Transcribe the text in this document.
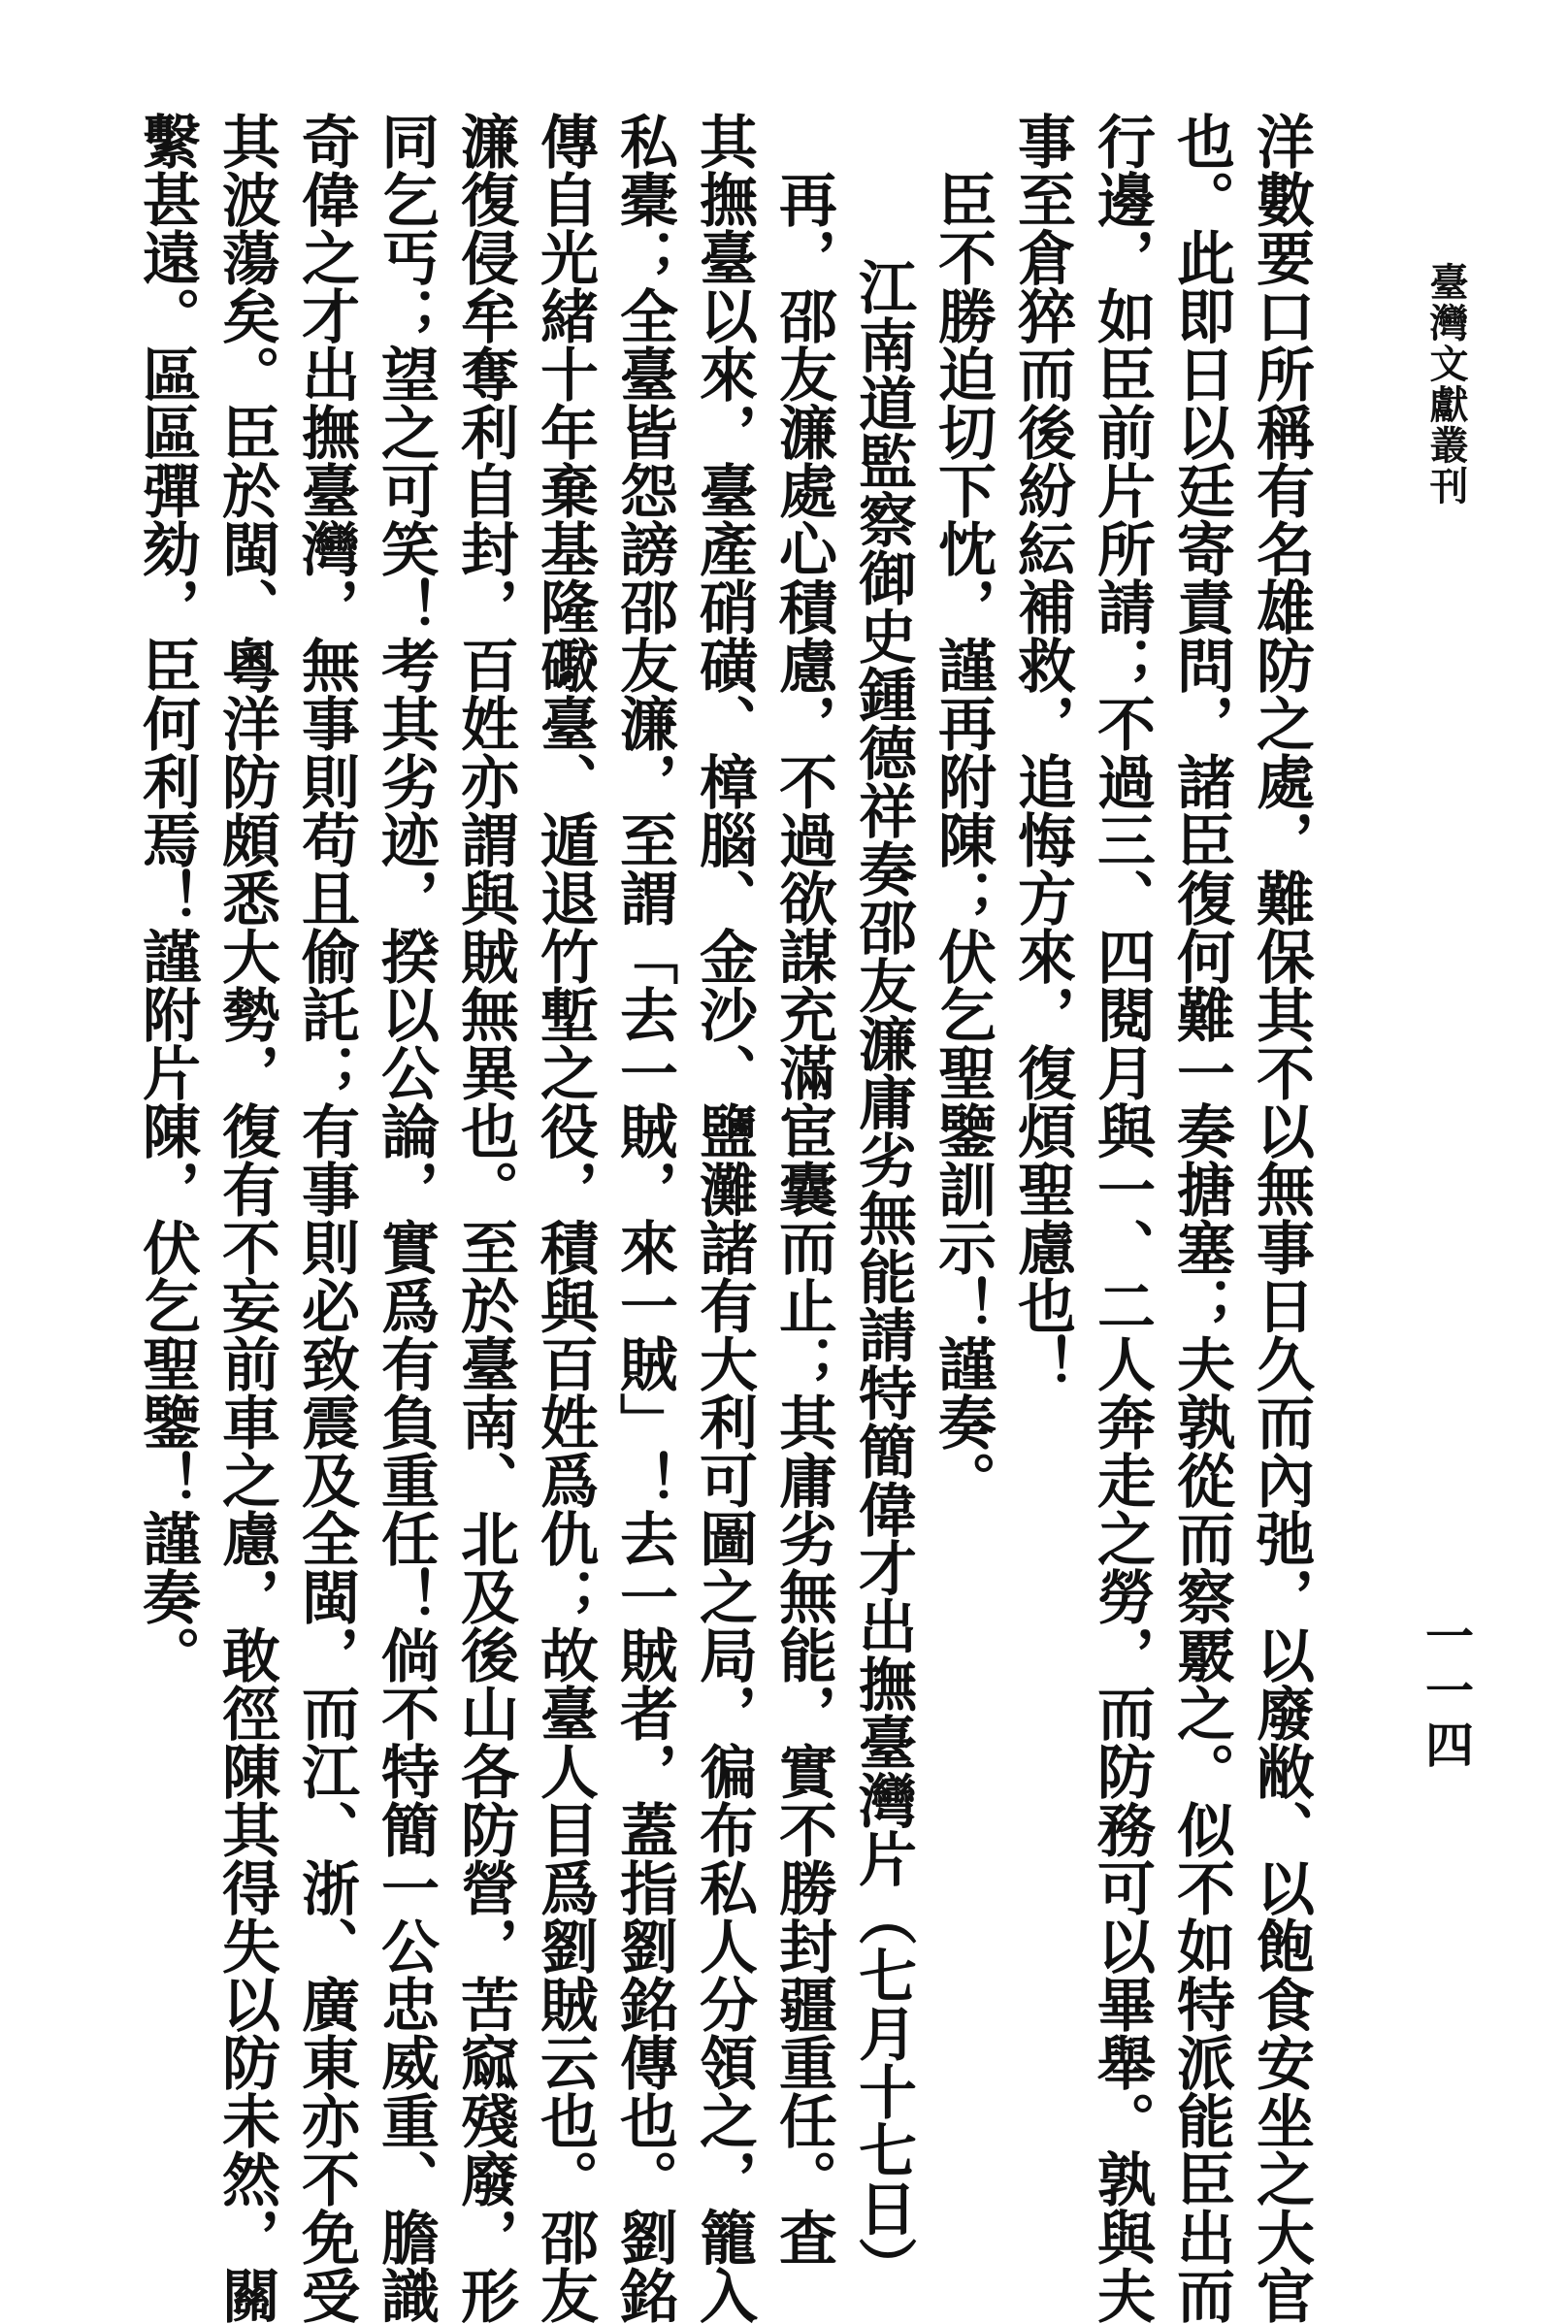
臺灣文獻叢刊
一一四

洋數要口所稱有名雄防之處，難保其不以無事日久而內弛，以廢敝、以飽食安坐之大官

也。此即日以廷寄責問，諸臣復何難一奏搪塞；夫孰從而察覈之。似不如特派能臣出而

行邊，如臣前片所請；不過三、四閱月與一、二人奔走之勞，而防務可以畢舉。孰與夫

事至倉猝而後紛紜補救，追悔方來，復煩聖慮也！

臣不勝迫切下忱，謹再附陳；伏乞聖鑒訓示！謹奏。

江南道監察御史鍾德祥奏邵友濂庸劣無能請特簡偉才出撫臺灣片（七月十七日）

再，邵友濂處心積慮，不過欲謀充滿宦囊而止；其庸劣無能，實不勝封疆重任。査

其撫臺以來，臺產硝磺、樟腦、金沙、鹽灘諸有大利可圖之局，徧布私人分領之，籠入

私橐；全臺皆怨謗邵友濂，至謂「去一賊，來一賊」！去一賊者，蓋指劉銘傳也。劉銘

傳自光緒十年棄基隆礮臺、遁退竹塹之役，積與百姓爲仇；故臺人目爲劉賊云也。邵友

濂復侵牟奪利自封，百姓亦謂與賊無異也。至於臺南、北及後山各防營，苦窳殘廢，形

同乞丐；望之可笑！考其劣迹，揆以公論，實爲有負重任！倘不特簡一公忠威重、膽識

奇偉之才出撫臺灣，無事則苟且偷託；有事則必致震及全閩，而江、浙、廣東亦不免受

其波蕩矣。臣於閩、粵洋防頗悉大勢，復有不妄前車之慮，敢徑陳其得失以防未然，關

繫甚遠。區區彈劾，臣何利焉！謹附片陳，伏乞聖鑒！謹奏。
